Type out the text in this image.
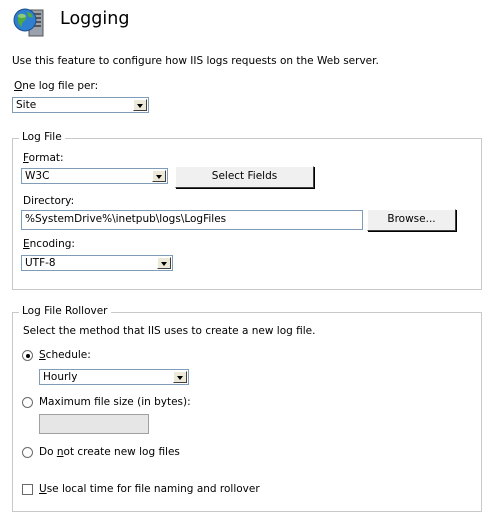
Logging
Use this feature to configure how IIS logs requests on the Web server.
One log file per:
Site
Log File
Format:
W3C	Select Fields
Directory:
%SystemDrive%\inetpub\logs\LogFiles	Browse...
Encoding:
UTF-8
Log File Rollover
Select the method that IIS uses to create a new log file.
Schedule:
Hourly
Maximum file size (in bytes):
Do not create new log files
Use local time for file naming and rollover
